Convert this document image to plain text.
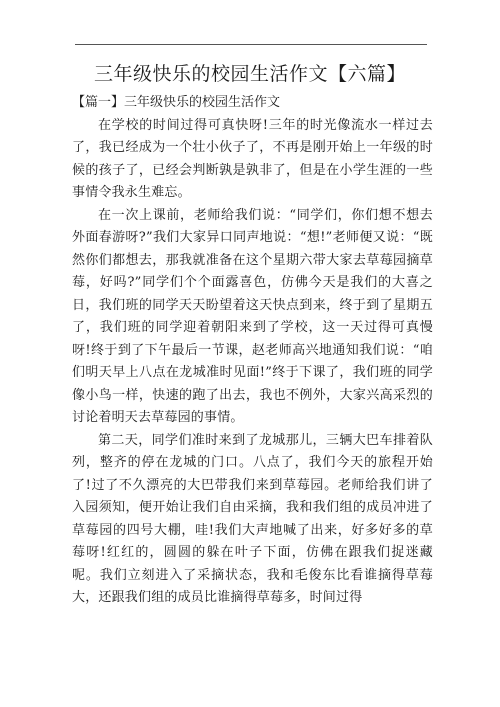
三年级快乐的校园生活作文【六篇】

【篇一】三年级快乐的校园生活作文

在学校的时间过得可真快呀!三年的时光像流水一样过去了，我已经成为一个壮小伙子了，不再是刚开始上一年级的时候的孩子了，已经会判断孰是孰非了，但是在小学生涯的一些事情令我永生难忘。

在一次上课前，老师给我们说：“同学们，你们想不想去外面春游呀?”我们大家异口同声地说：“想!”老师便又说：“既然你们都想去，那我就准备在这个星期六带大家去草莓园摘草莓，好吗?”同学们个个面露喜色，仿佛今天是我们的大喜之日，我们班的同学天天盼望着这天快点到来，终于到了星期五了，我们班的同学迎着朝阳来到了学校，这一天过得可真慢呀!终于到了下午最后一节课，赵老师高兴地通知我们说：“咱们明天早上八点在龙城准时见面!”终于下课了，我们班的同学像小鸟一样，快速的跑了出去，我也不例外，大家兴高采烈的讨论着明天去草莓园的事情。

第二天，同学们准时来到了龙城那儿，三辆大巴车排着队列，整齐的停在龙城的门口。八点了，我们今天的旅程开始了!过了不久漂亮的大巴带我们来到草莓园。老师给我们讲了入园须知，便开始让我们自由采摘，我和我们组的成员冲进了草莓园的四号大棚，哇!我们大声地喊了出来，好多好多的草莓呀!红红的，圆圆的躲在叶子下面，仿佛在跟我们捉迷藏呢。我们立刻进入了采摘状态，我和毛俊东比看谁摘得草莓大，还跟我们组的成员比谁摘得草莓多，时间过得
